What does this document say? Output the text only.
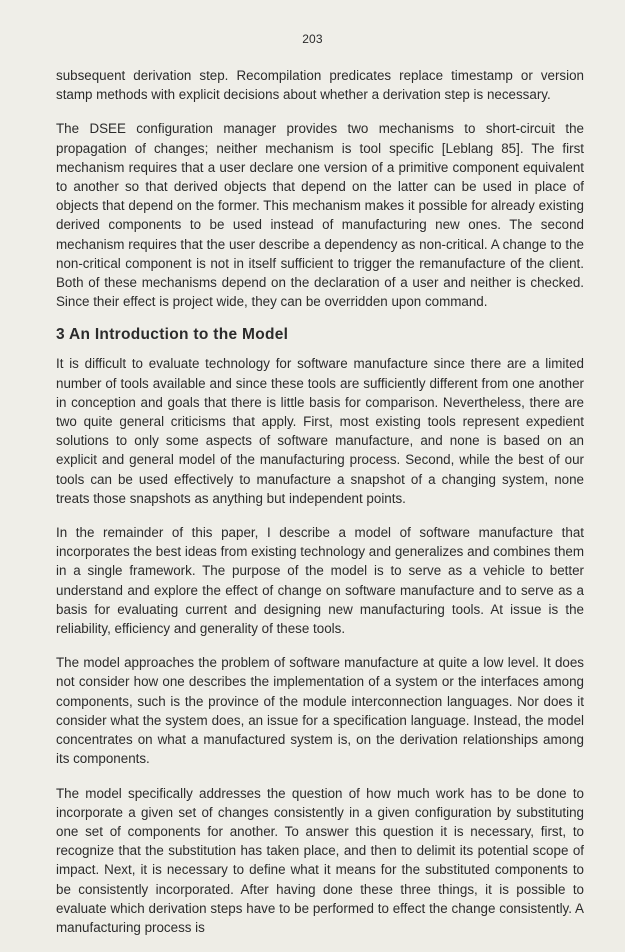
203

subsequent derivation step. Recompilation predicates replace timestamp or version stamp methods with explicit decisions about whether a derivation step is necessary.

The DSEE configuration manager provides two mechanisms to short-circuit the propagation of changes; neither mechanism is tool specific [Leblang 85]. The first mechanism requires that a user declare one version of a primitive component equivalent to another so that derived objects that depend on the latter can be used in place of objects that depend on the former. This mechanism makes it possible for already existing derived components to be used instead of manufacturing new ones. The second mechanism requires that the user describe a dependency as non-critical. A change to the non-critical component is not in itself sufficient to trigger the remanufacture of the client. Both of these mechanisms depend on the declaration of a user and neither is checked. Since their effect is project wide, they can be overridden upon command.

3 An Introduction to the Model

It is difficult to evaluate technology for software manufacture since there are a limited number of tools available and since these tools are sufficiently different from one another in conception and goals that there is little basis for comparison. Nevertheless, there are two quite general criticisms that apply. First, most existing tools represent expedient solutions to only some aspects of software manufacture, and none is based on an explicit and general model of the manufacturing process. Second, while the best of our tools can be used effectively to manufacture a snapshot of a changing system, none treats those snapshots as anything but independent points.

In the remainder of this paper, I describe a model of software manufacture that incorporates the best ideas from existing technology and generalizes and combines them in a single framework. The purpose of the model is to serve as a vehicle to better understand and explore the effect of change on software manufacture and to serve as a basis for evaluating current and designing new manufacturing tools. At issue is the reliability, efficiency and generality of these tools.

The model approaches the problem of software manufacture at quite a low level. It does not consider how one describes the implementation of a system or the interfaces among components, such is the province of the module interconnection languages. Nor does it consider what the system does, an issue for a specification language. Instead, the model concentrates on what a manufactured system is, on the derivation relationships among its components.

The model specifically addresses the question of how much work has to be done to incorporate a given set of changes consistently in a given configuration by substituting one set of components for another. To answer this question it is necessary, first, to recognize that the substitution has taken place, and then to delimit its potential scope of impact. Next, it is necessary to define what it means for the substituted components to be consistently incorporated. After having done these three things, it is possible to evaluate which derivation steps have to be performed to effect the change consistently. A manufacturing process is
